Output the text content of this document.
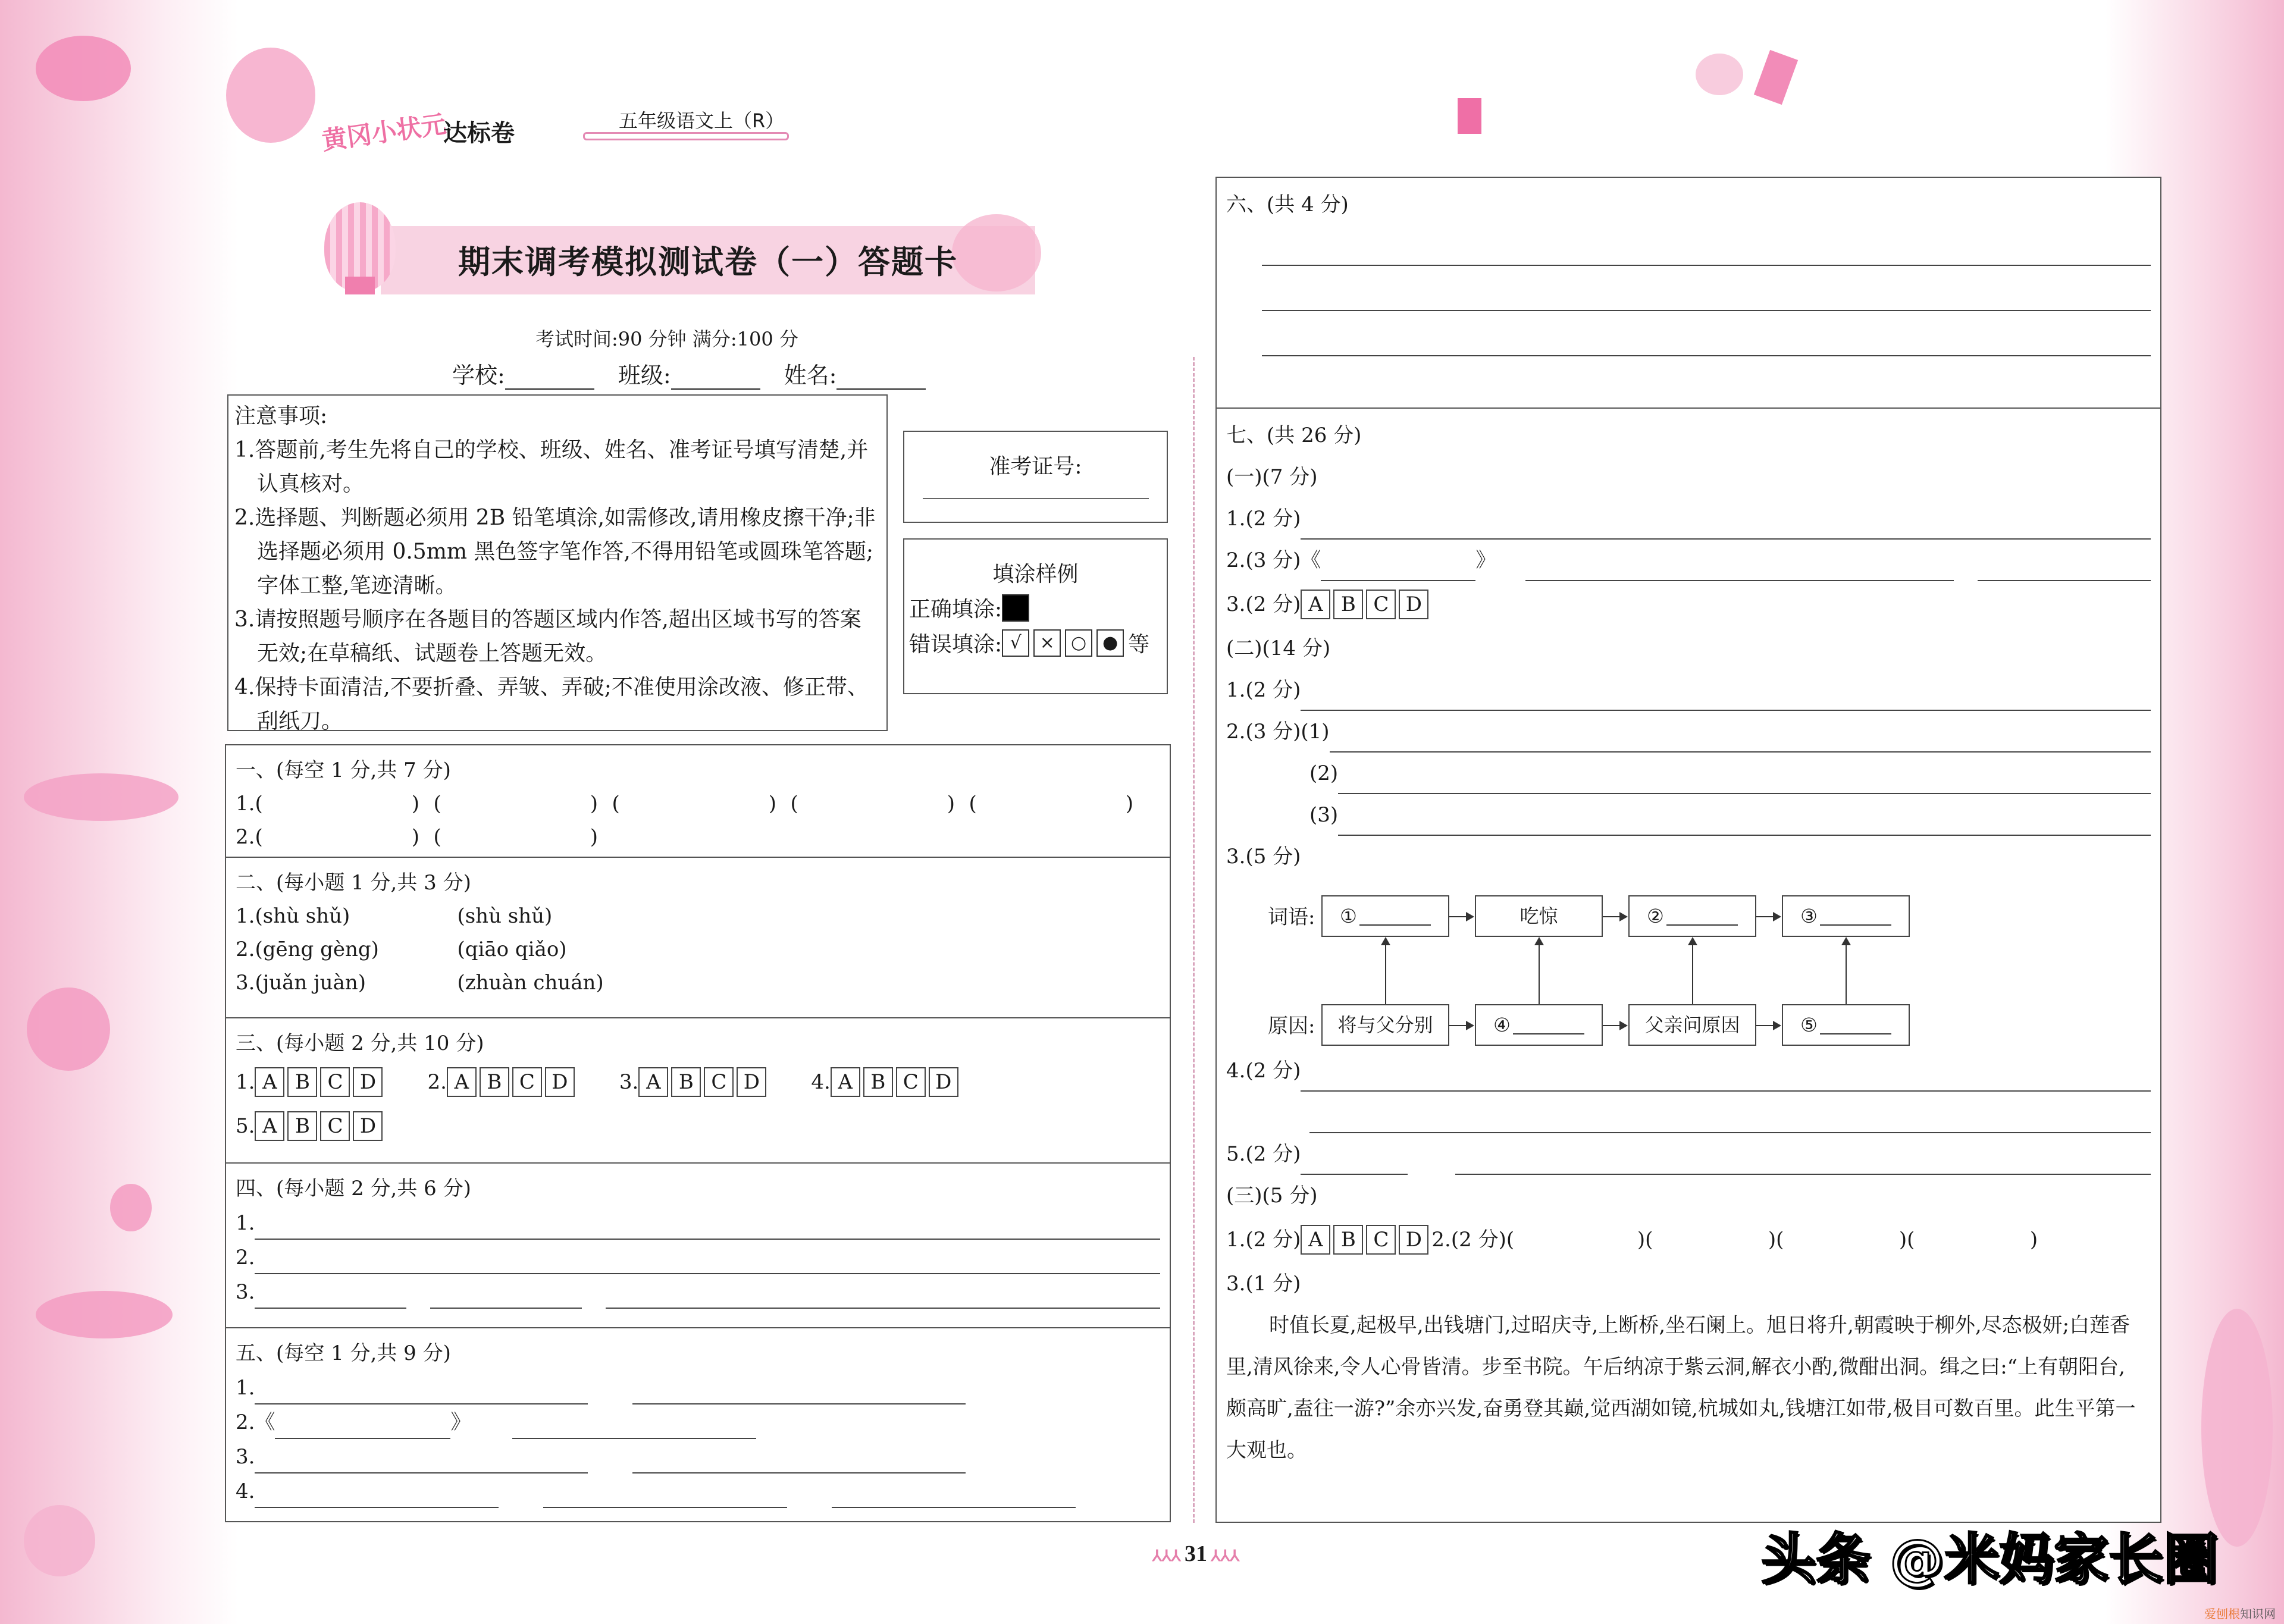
黄冈小状元
达标卷	五年级语文上（R）
期末调考模拟测试卷（一）答题卡
考试时间:90 分钟 满分:100 分
学校:	班级:	姓名:
注意事项:
1.答题前,考生先将自己的学校、班级、姓名、准考证号填写清楚,并认真核对。
2.选择题、判断题必须用 2B 铅笔填涂,如需修改,请用橡皮擦干净;非选择题必须用 0.5mm 黑色签字笔作答,不得用铅笔或圆珠笔答题;字体工整,笔迹清晰。
3.请按照题号顺序在各题目的答题区域内作答,超出区域书写的答案无效;在草稿纸、试题卷上答题无效。
4.保持卡面清洁,不要折叠、弄皱、弄破;不准使用涂改液、修正带、刮纸刀。
准考证号:
填涂样例
正确填涂:
错误填涂: √	× ○ ● 等
一、(每空 1 分,共 7 分)
1. (	) (	) (	) (	) (	)
2. (	) (	)
二、(每小题 1 分,共 3 分)
1. (shù shǔ)	(shù shǔ)
2. (gēng gèng)	(qiāo qiǎo)
3. (juǎn juàn)	(zhuàn chuán)
三、(每小题 2 分,共 10 分)
1. A B C D	2. A B C D	3. A B C D	4. A B C D
5. A B C D
四、(每小题 2 分,共 6 分)
1.
2.
3.
五、(每空 1 分,共 9 分)
1.
2.《	》
3.
4.
六、(共 4 分)
七、(共 26 分)
(一)(7 分)
1.(2 分)
2.(3 分)《	》
3.(2 分) A B C D
(二)(14 分)
1.(2 分)
2.(3 分)(1)
(2)
(3)
3.(5 分)
词语:
原因:
①	吃惊	②	③
将与父分别	④	父亲问原因	⑤
4.(2 分)
5.(2 分)
(三)(5 分)
1.(2 分) A B C D 2.(2 分) (	)(	)(	)(	)
3.(1 分)
时值长夏,起极早,出钱塘门,过昭庆寺,上断桥,坐石阑上。旭日将升,朝霞映于柳外,尽态极妍;白莲香里,清风徐来,令人心骨皆清。步至书院。午后纳凉于紫云洞,解衣小酌,微酣出洞。缉之曰:“上有朝阳台,颇高旷,盍往一游?”余亦兴发,奋勇登其巅,觉西湖如镜,杭城如丸,钱塘江如带,极目可数百里。此生平第一大观也。
⅄⅄⅄ 31 ⅄⅄⅄	头条 @米妈家长圈
爱刨根知识网
